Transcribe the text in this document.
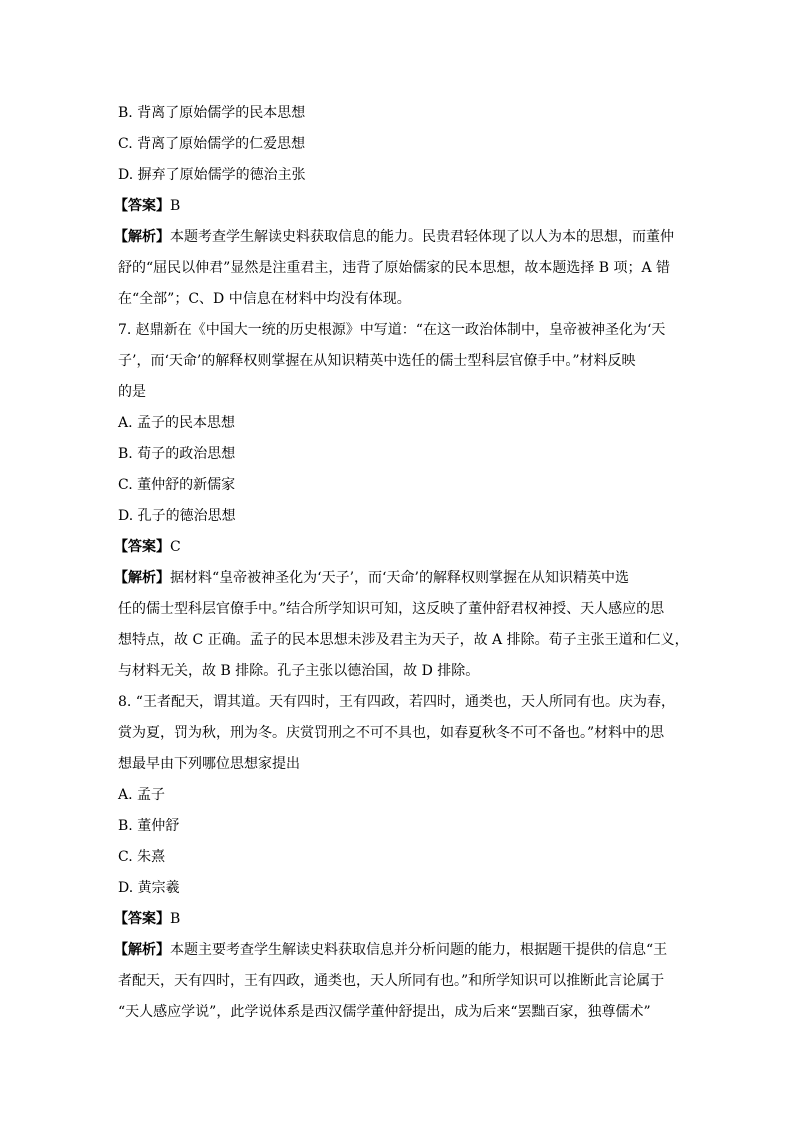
B. 背离了原始儒学的民本思想
C. 背离了原始儒学的仁爱思想
D. 摒弃了原始儒学的德治主张
【答案】B
【解析】本题考查学生解读史料获取信息的能力。民贵君轻体现了以人为本的思想，而董仲
舒的“屈民以伸君”显然是注重君主，违背了原始儒家的民本思想，故本题选择 B 项；A 错
在“全部”；C、D 中信息在材料中均没有体现。
7. 赵鼎新在《中国大一统的历史根源》中写道：“在这一政治体制中，皇帝被神圣化为‘天
子’，而‘天命’的解释权则掌握在从知识精英中选任的儒士型科层官僚手中。”材料反映
的是
A. 孟子的民本思想
B. 荀子的政治思想
C. 董仲舒的新儒家
D. 孔子的德治思想
【答案】C
【解析】据材料“皇帝被神圣化为‘天子’，而‘天命’的解释权则掌握在从知识精英中选
任的儒士型科层官僚手中。”结合所学知识可知，这反映了董仲舒君权神授、天人感应的思
想特点，故 C 正确。孟子的民本思想未涉及君主为天子，故 A 排除。荀子主张王道和仁义，
与材料无关，故 B 排除。孔子主张以德治国，故 D 排除。
8. “王者配天，谓其道。天有四时，王有四政，若四时，通类也，天人所同有也。庆为春，
赏为夏，罚为秋，刑为冬。庆赏罚刑之不可不具也，如春夏秋冬不可不备也。”材料中的思
想最早由下列哪位思想家提出
A. 孟子
B. 董仲舒
C. 朱熹
D. 黄宗羲
【答案】B
【解析】本题主要考查学生解读史料获取信息并分析问题的能力，根据题干提供的信息“王
者配天，天有四时，王有四政，通类也，天人所同有也。”和所学知识可以推断此言论属于
“天人感应学说”，此学说体系是西汉儒学董仲舒提出，成为后来“罢黜百家，独尊儒术”
